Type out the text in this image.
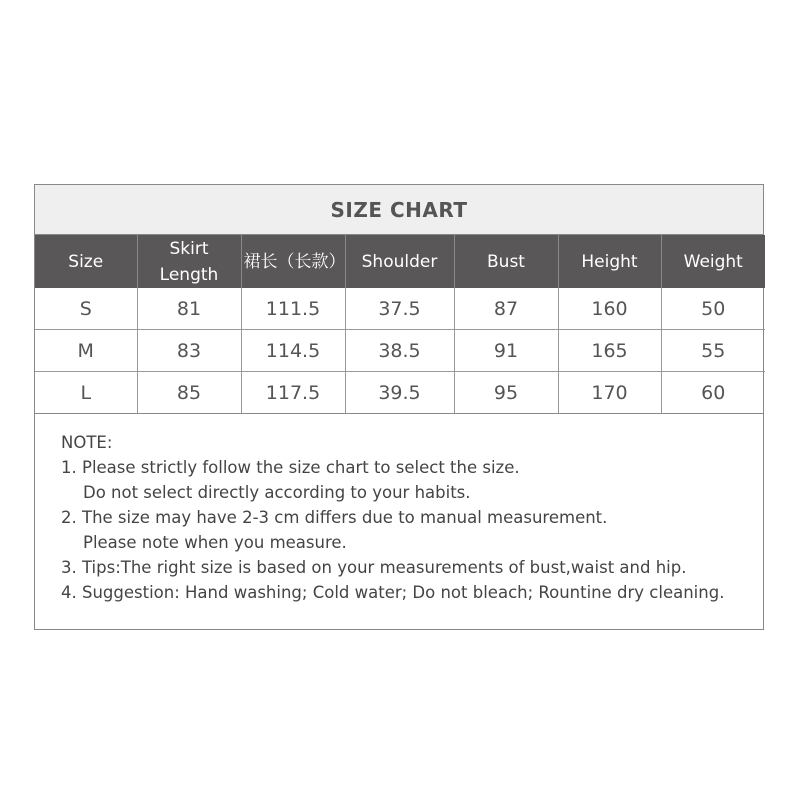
SIZE CHART
Size	Skirt Length	裙长（长款）	Shoulder	Bust	Height	Weight
S	81	111.5	37.5	87	160	50
M	83	114.5	38.5	91	165	55
L	85	117.5	39.5	95	170	60
NOTE:
1. Please strictly follow the size chart to select the size.
Do not select directly according to your habits.
2. The size may have 2-3 cm differs due to manual measurement.
Please note when you measure.
3. Tips:The right size is based on your measurements of bust,waist and hip.
4. Suggestion: Hand washing; Cold water; Do not bleach; Rountine dry cleaning.
